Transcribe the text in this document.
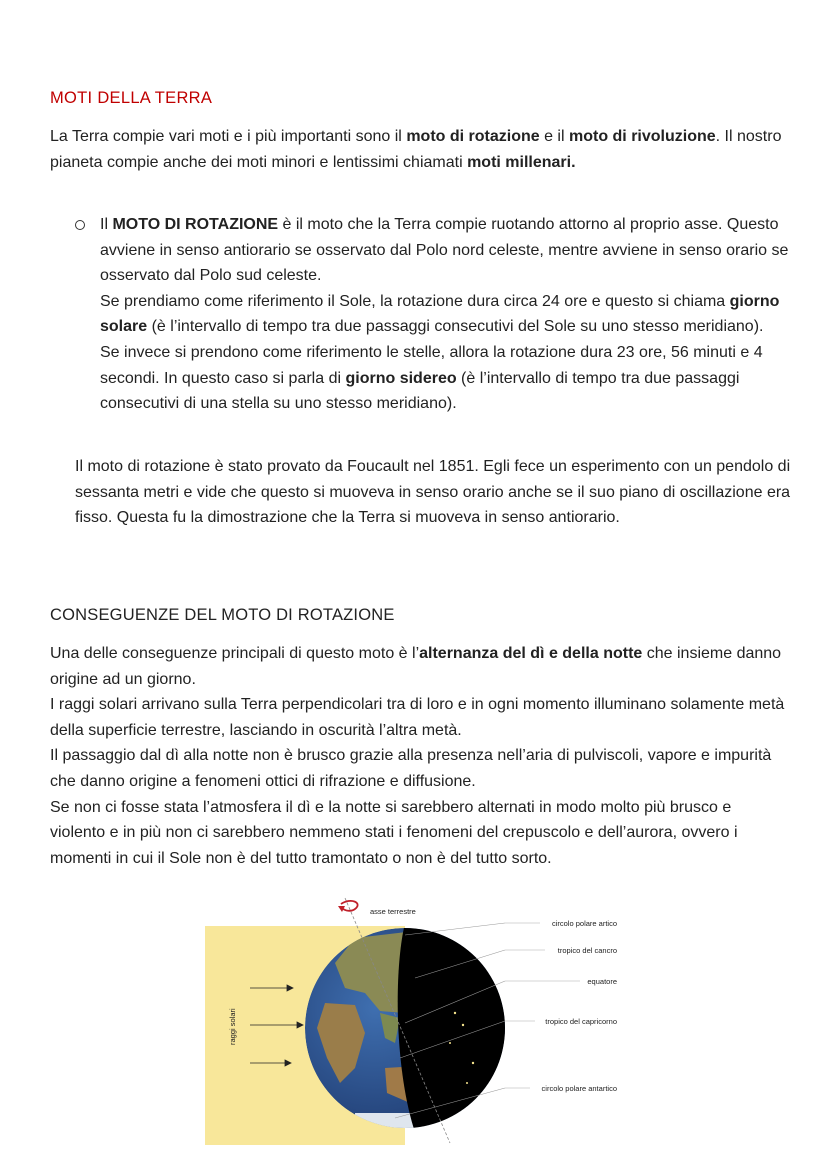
MOTI DELLA TERRA
La Terra compie vari moti e i più importanti sono il moto di rotazione e il moto di rivoluzione. Il nostro pianeta compie anche dei moti minori e lentissimi chiamati moti millenari.
Il MOTO DI ROTAZIONE è il moto che la Terra compie ruotando attorno al proprio asse. Questo avviene in senso antiorario se osservato dal Polo nord celeste, mentre avviene in senso orario se osservato dal Polo sud celeste.
Se prendiamo come riferimento il Sole, la rotazione dura circa 24 ore e questo si chiama giorno solare (è l’intervallo di tempo tra due passaggi consecutivi del Sole su uno stesso meridiano).
Se invece si prendono come riferimento le stelle, allora la rotazione dura 23 ore, 56 minuti e 4 secondi. In questo caso si parla di giorno sidereo (è l’intervallo di tempo tra due passaggi consecutivi di una stella su uno stesso meridiano).
Il moto di rotazione è stato provato da Foucault nel 1851. Egli fece un esperimento con un pendolo di sessanta metri e vide che questo si muoveva in senso orario anche se il suo piano di oscillazione era fisso. Questa fu la dimostrazione che la Terra si muoveva in senso antiorario.
CONSEGUENZE DEL MOTO DI ROTAZIONE
Una delle conseguenze principali di questo moto è l’alternanza del dì e della notte che insieme danno origine ad un giorno.
I raggi solari arrivano sulla Terra perpendicolari tra di loro e in ogni momento illuminano solamente metà della superficie terrestre, lasciando in oscurità l’altra metà.
Il passaggio dal dì alla notte non è brusco grazie alla presenza nell’aria di pulviscoli, vapore e impurità che danno origine a fenomeni ottici di rifrazione e diffusione.
Se non ci fosse stata l’atmosfera il dì e la notte si sarebbero alternati in modo molto più brusco e violento e in più non ci sarebbero nemmeno stati i fenomeni del crepuscolo e dell’aurora, ovvero i momenti in cui il Sole non è del tutto tramontato o non è del tutto sorto.
asse terrestre
raggi solari
circolo polare artico
tropico del cancro
equatore
tropico del capricorno
circolo polare antartico
